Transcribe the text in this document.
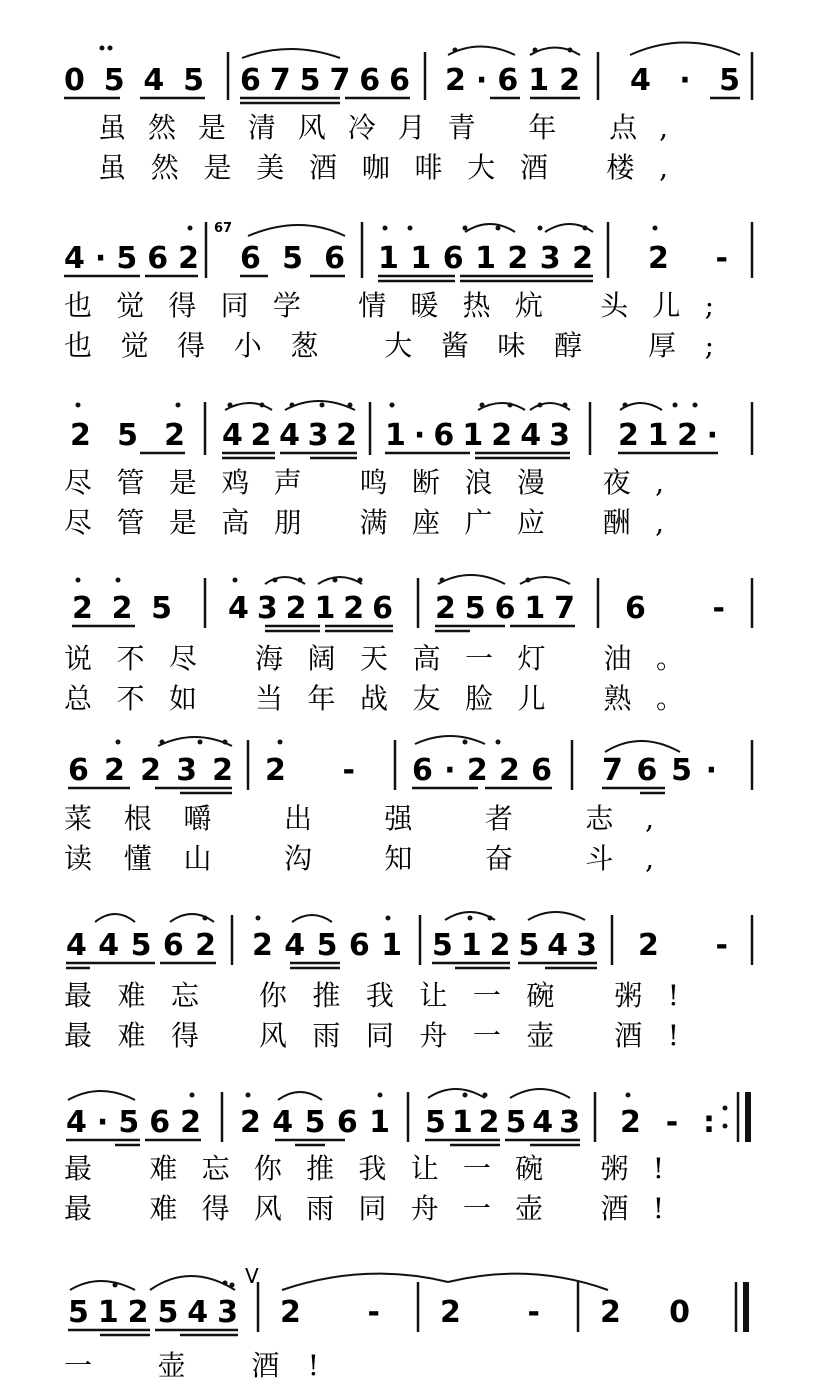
0 5 4 5 6 7 5 7 6 6 2 · 6 1 2 4 · 5
虽然是清风冷月青 年 点,
虽然是美酒咖啡大酒 楼,
4 · 5 6 2
67
6 5 6 1 1 6 1 2 3 2 2 -
也觉得同学 情暖热炕 头儿;
也觉得小葱 大酱味醇 厚;
2 5 2 4 2 4 3 2 1 · 6 1 2 4 3 2 1 2 ·
尽管是鸡声 鸣断浪漫 夜,
尽管是高朋 满座广应 酬,
2 2 5 4 3 2 1 2 6 2 5 6 1 7 6 -
说不尽 海阔天高一灯 油。
总不如 当年战友脸儿 熟。
6 2 2 3 2 2 - 6 · 2 2 6 7 6 5 ·
菜根嚼 出 强 者 志,
读懂山 沟 知 奋 斗,
4 4 5 6 2 2 4 5 6 1 5 1 2 5 4 3 2 -
最难忘 你推我让一碗 粥!
最难得 风雨同舟一壶 酒!
4 · 5 6 2 2 4 5 6 1 5 1 2 5 4 3 2 - :
最 难忘你推我让一碗 粥!
最 难得风雨同舟一壶 酒!
5 1 2 5 4 3
V
2 - 2 - 2 0
一 壶 酒!
